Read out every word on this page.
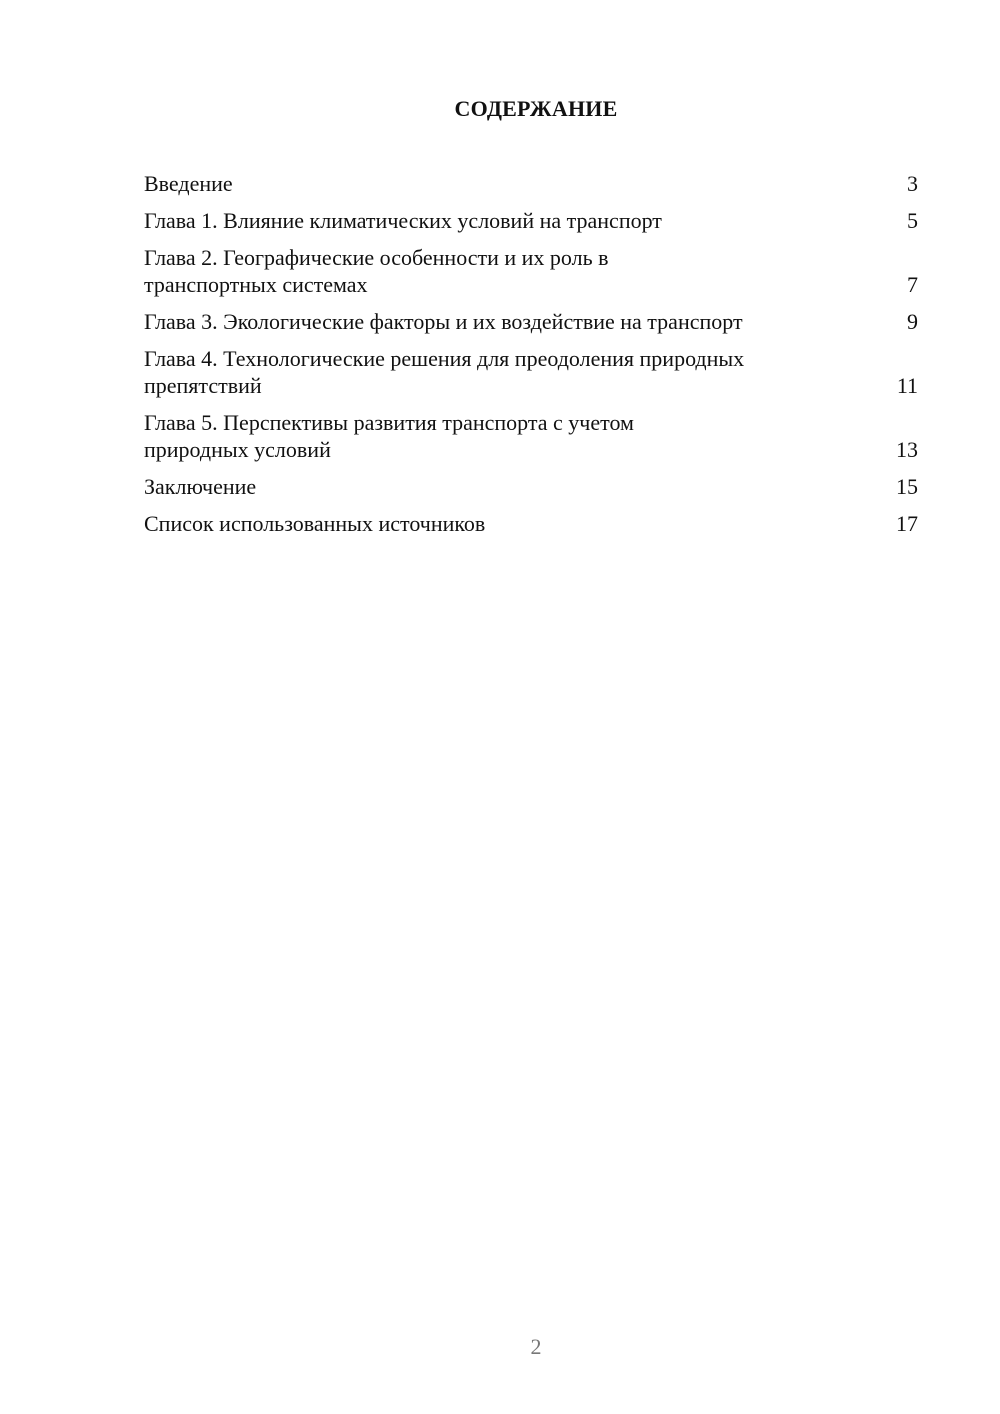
СОДЕРЖАНИЕ
Введение	3
Глава 1. Влияние климатических условий на транспорт	5
Глава 2. Географические особенности и их роль в транспортных системах	7
Глава 3. Экологические факторы и их воздействие на транспорт	9
Глава 4. Технологические решения для преодоления природных препятствий	11
Глава 5. Перспективы развития транспорта с учетом природных условий	13
Заключение	15
Список использованных источников	17
2
